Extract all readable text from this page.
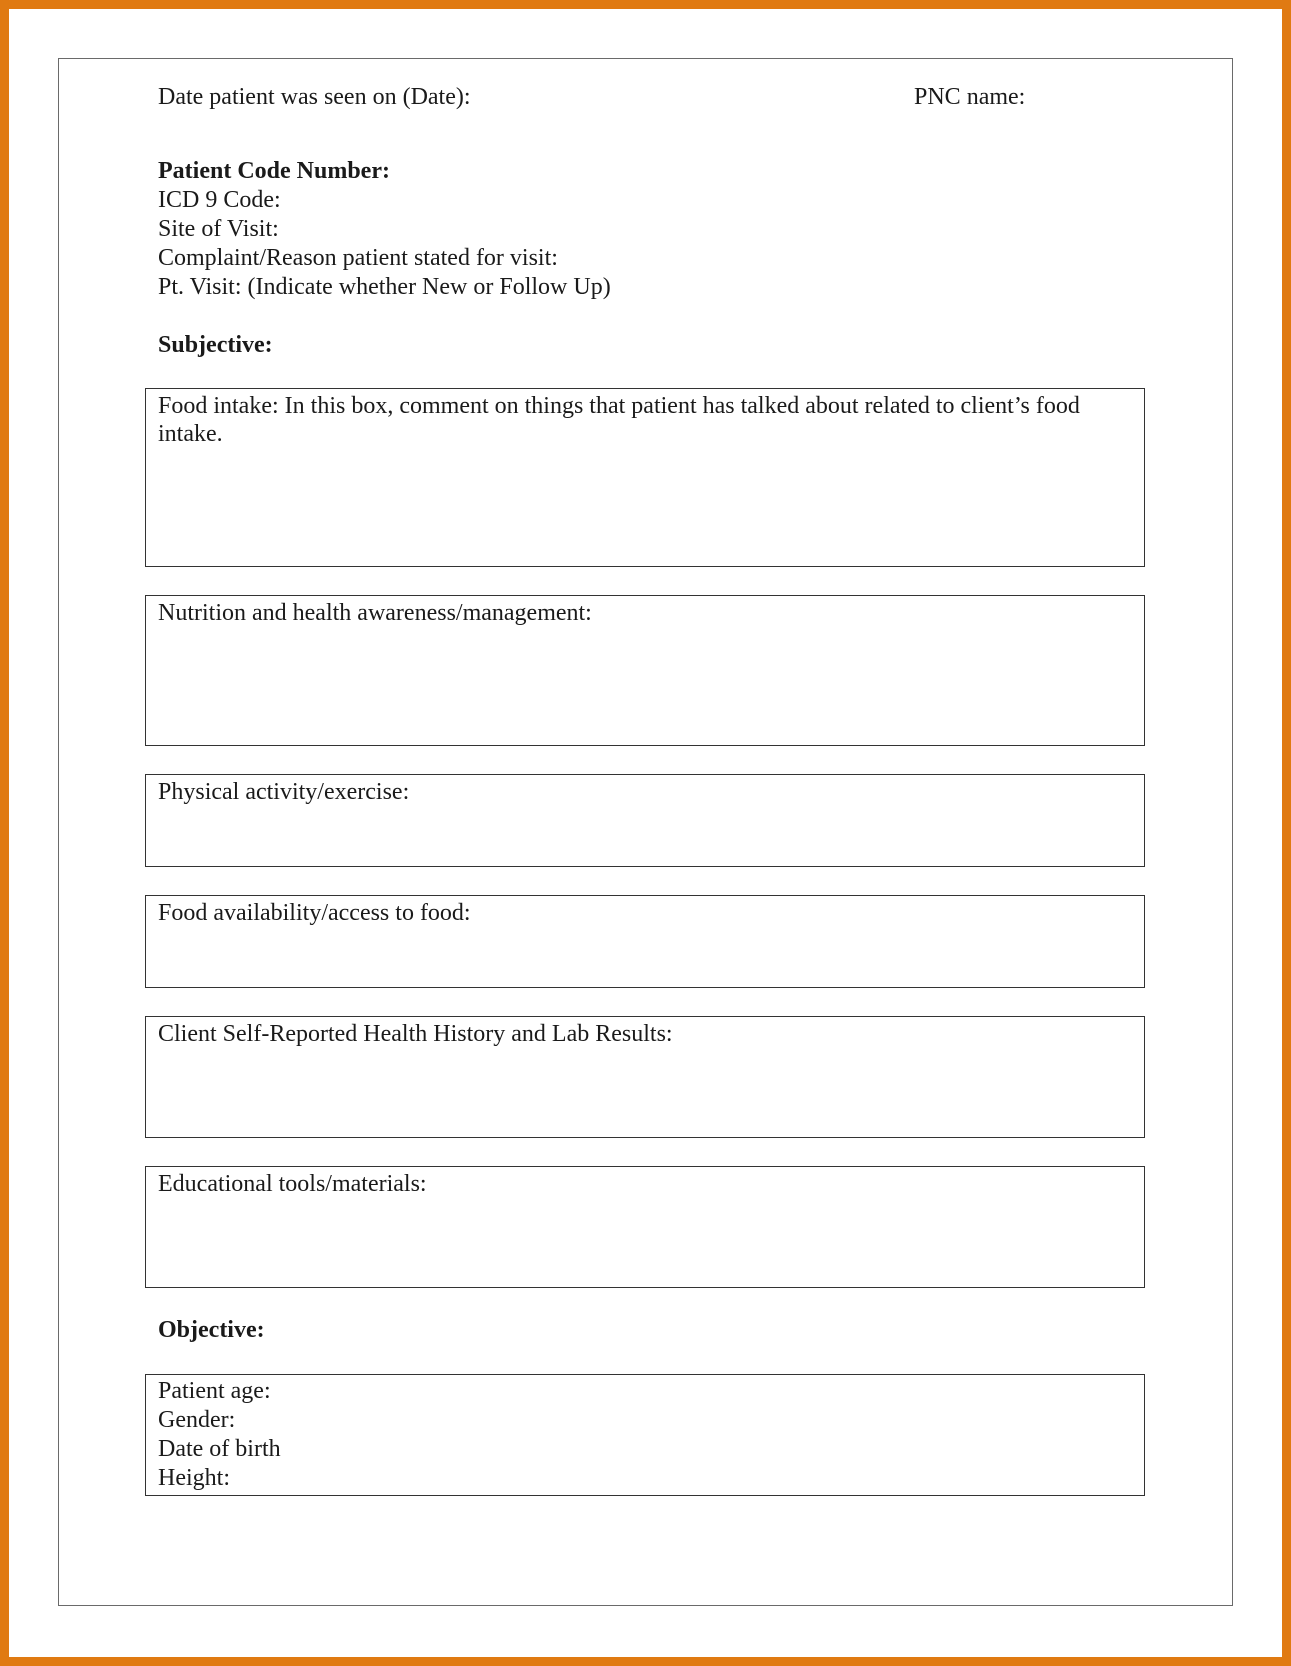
Date patient was seen on (Date):	PNC name:
Patient Code Number:
ICD 9 Code:
Site of Visit:
Complaint/Reason patient stated for visit:
Pt. Visit: (Indicate whether New or Follow Up)
Subjective:
Food intake: In this box, comment on things that patient has talked about related to client’s food intake.
Nutrition and health awareness/management:
Physical activity/exercise:
Food availability/access to food:
Client Self-Reported Health History and Lab Results:
Educational tools/materials:
Objective:
Patient age:
Gender:
Date of birth
Height:
